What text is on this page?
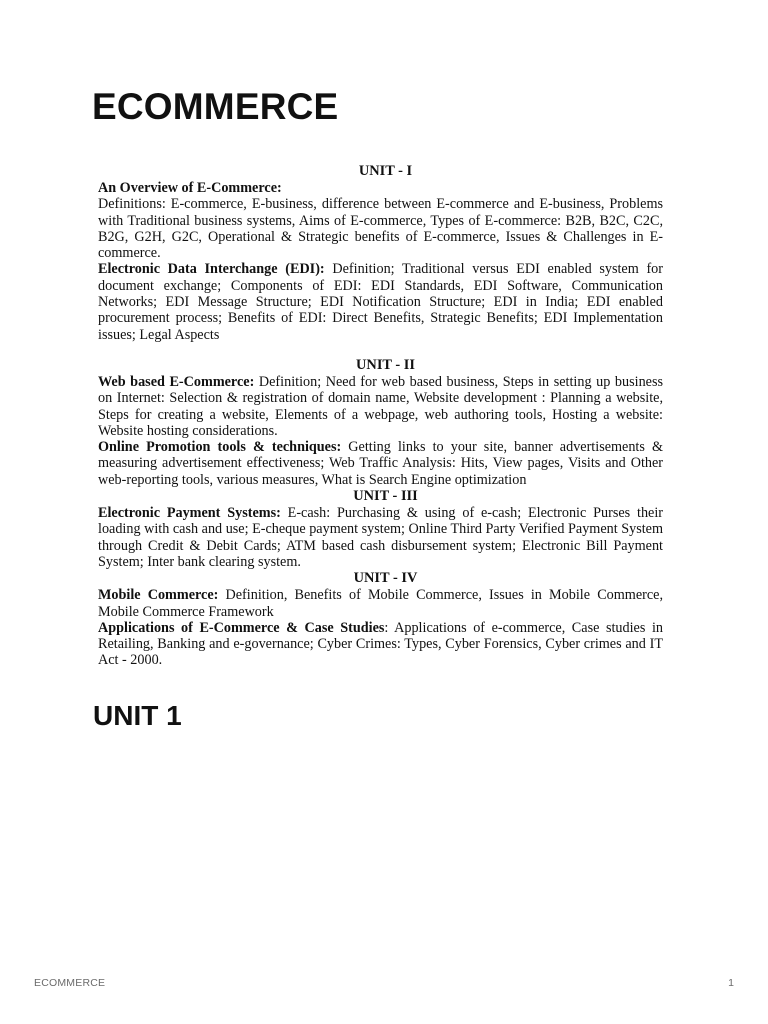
ECOMMERCE

UNIT - I

An Overview of E-Commerce:
Definitions: E-commerce, E-business, difference between E-commerce and E-business, Problems with Traditional business systems, Aims of E-commerce, Types of E-commerce: B2B, B2C, C2C, B2G, G2H, G2C, Operational & Strategic benefits of E-commerce, Issues & Challenges in E-commerce.

Electronic Data Interchange (EDI): Definition; Traditional versus EDI enabled system for document exchange; Components of EDI: EDI Standards, EDI Software, Communication Networks; EDI Message Structure; EDI Notification Structure; EDI in India; EDI enabled procurement process; Benefits of EDI: Direct Benefits, Strategic Benefits; EDI Implementation issues; Legal Aspects

UNIT - II

Web based E-Commerce: Definition; Need for web based business, Steps in setting up business on Internet: Selection & registration of domain name, Website development : Planning a website, Steps for creating a website, Elements of a webpage, web authoring tools, Hosting a website: Website hosting considerations.

Online Promotion tools & techniques: Getting links to your site, banner advertisements & measuring advertisement effectiveness; Web Traffic Analysis: Hits, View pages, Visits and Other web-reporting tools, various measures, What is Search Engine optimization

UNIT - III

Electronic Payment Systems: E-cash: Purchasing & using of e-cash; Electronic Purses their loading with cash and use; E-cheque payment system; Online Third Party Verified Payment System through Credit & Debit Cards; ATM based cash disbursement system; Electronic Bill Payment System; Inter bank clearing system.

UNIT - IV

Mobile Commerce: Definition, Benefits of Mobile Commerce, Issues in Mobile Commerce, Mobile Commerce Framework

Applications of E-Commerce & Case Studies: Applications of e-commerce, Case studies in Retailing, Banking and e-governance; Cyber Crimes: Types, Cyber Forensics, Cyber crimes and IT Act - 2000.

UNIT 1
ECOMMERCE	1
